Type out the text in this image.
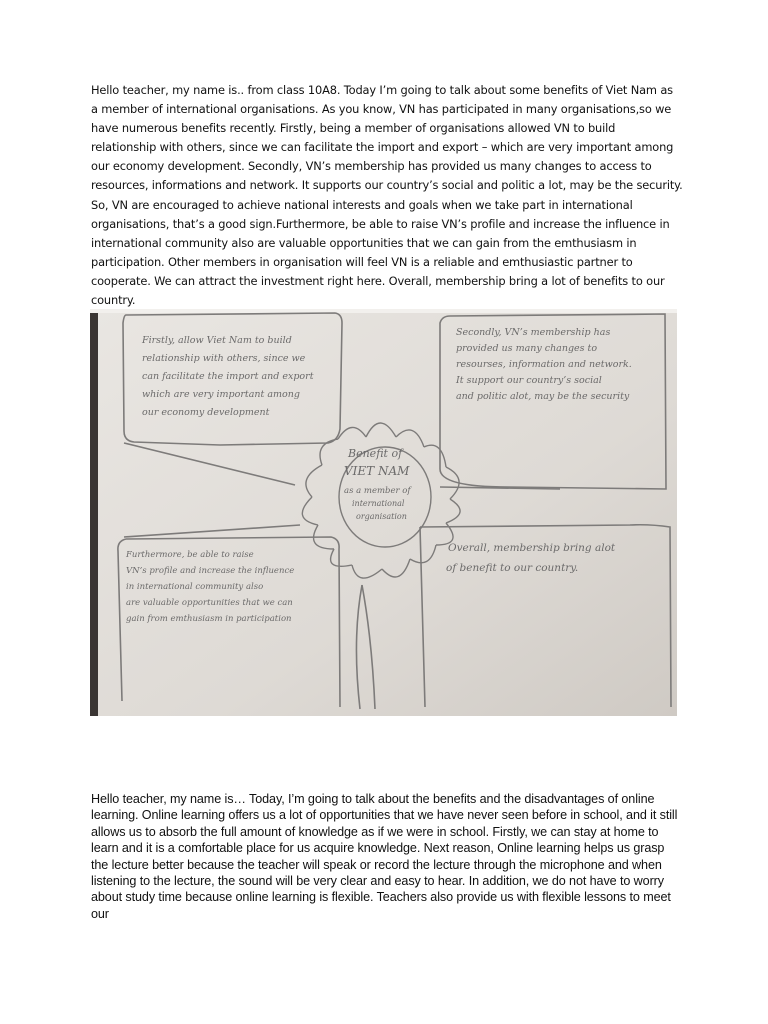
Hello teacher, my name is.. from class 10A8. Today I’m going to talk about some benefits of Viet Nam as a member of international organisations. As you know, VN has participated in many organisations,so we have numerous benefits recently. Firstly, being a member of organisations allowed VN to build relationship with others, since we can facilitate the import and export – which are very important among our economy development. Secondly, VN’s membership has provided us many changes to access to resources, informations and network. It supports our country’s social and politic a lot, may be the security. So, VN are encouraged to achieve national interests and goals when we take part in international organisations, that’s a good sign.Furthermore, be able to raise VN’s profile and increase the influence in international community also are valuable opportunities that we can gain from the emthusiasm in participation. Other members in organisation will feel VN is a reliable and emthusiastic partner to cooperate. We can attract the investment right here. Overall, membership bring a lot of benefits to our country.

Benefit of
VIET NAM
as a member of
international
organisation
Firstly, allow Viet Nam to build
relationship with others, since we
can facilitate the import and export
which are very important among
our economy development
Secondly, VN’s membership has
provided us many changes to
resourses, information and network.
It support our country’s social
and politic alot, may be the security
Furthermore, be able to raise
VN’s profile and increase the influence
in international community also
are valuable opportunities that we can
gain from emthusiasm in participation
Overall, membership bring alot
of benefit to our country.

Hello teacher, my name is… Today, I’m going to talk about the benefits and the disadvantages of online learning. Online learning offers us a lot of opportunities that we have never seen before in school, and it still allows us to absorb the full amount of knowledge as if we were in school. Firstly, we can stay at home to learn and it is a comfortable place for us acquire knowledge. Next reason, Online learning helps us grasp the lecture better because the teacher will speak or record the lecture through the microphone and when listening to the lecture, the sound will be very clear and easy to hear. In addition, we do not have to worry about study time because online learning is flexible. Teachers also provide us with flexible lessons to meet our
